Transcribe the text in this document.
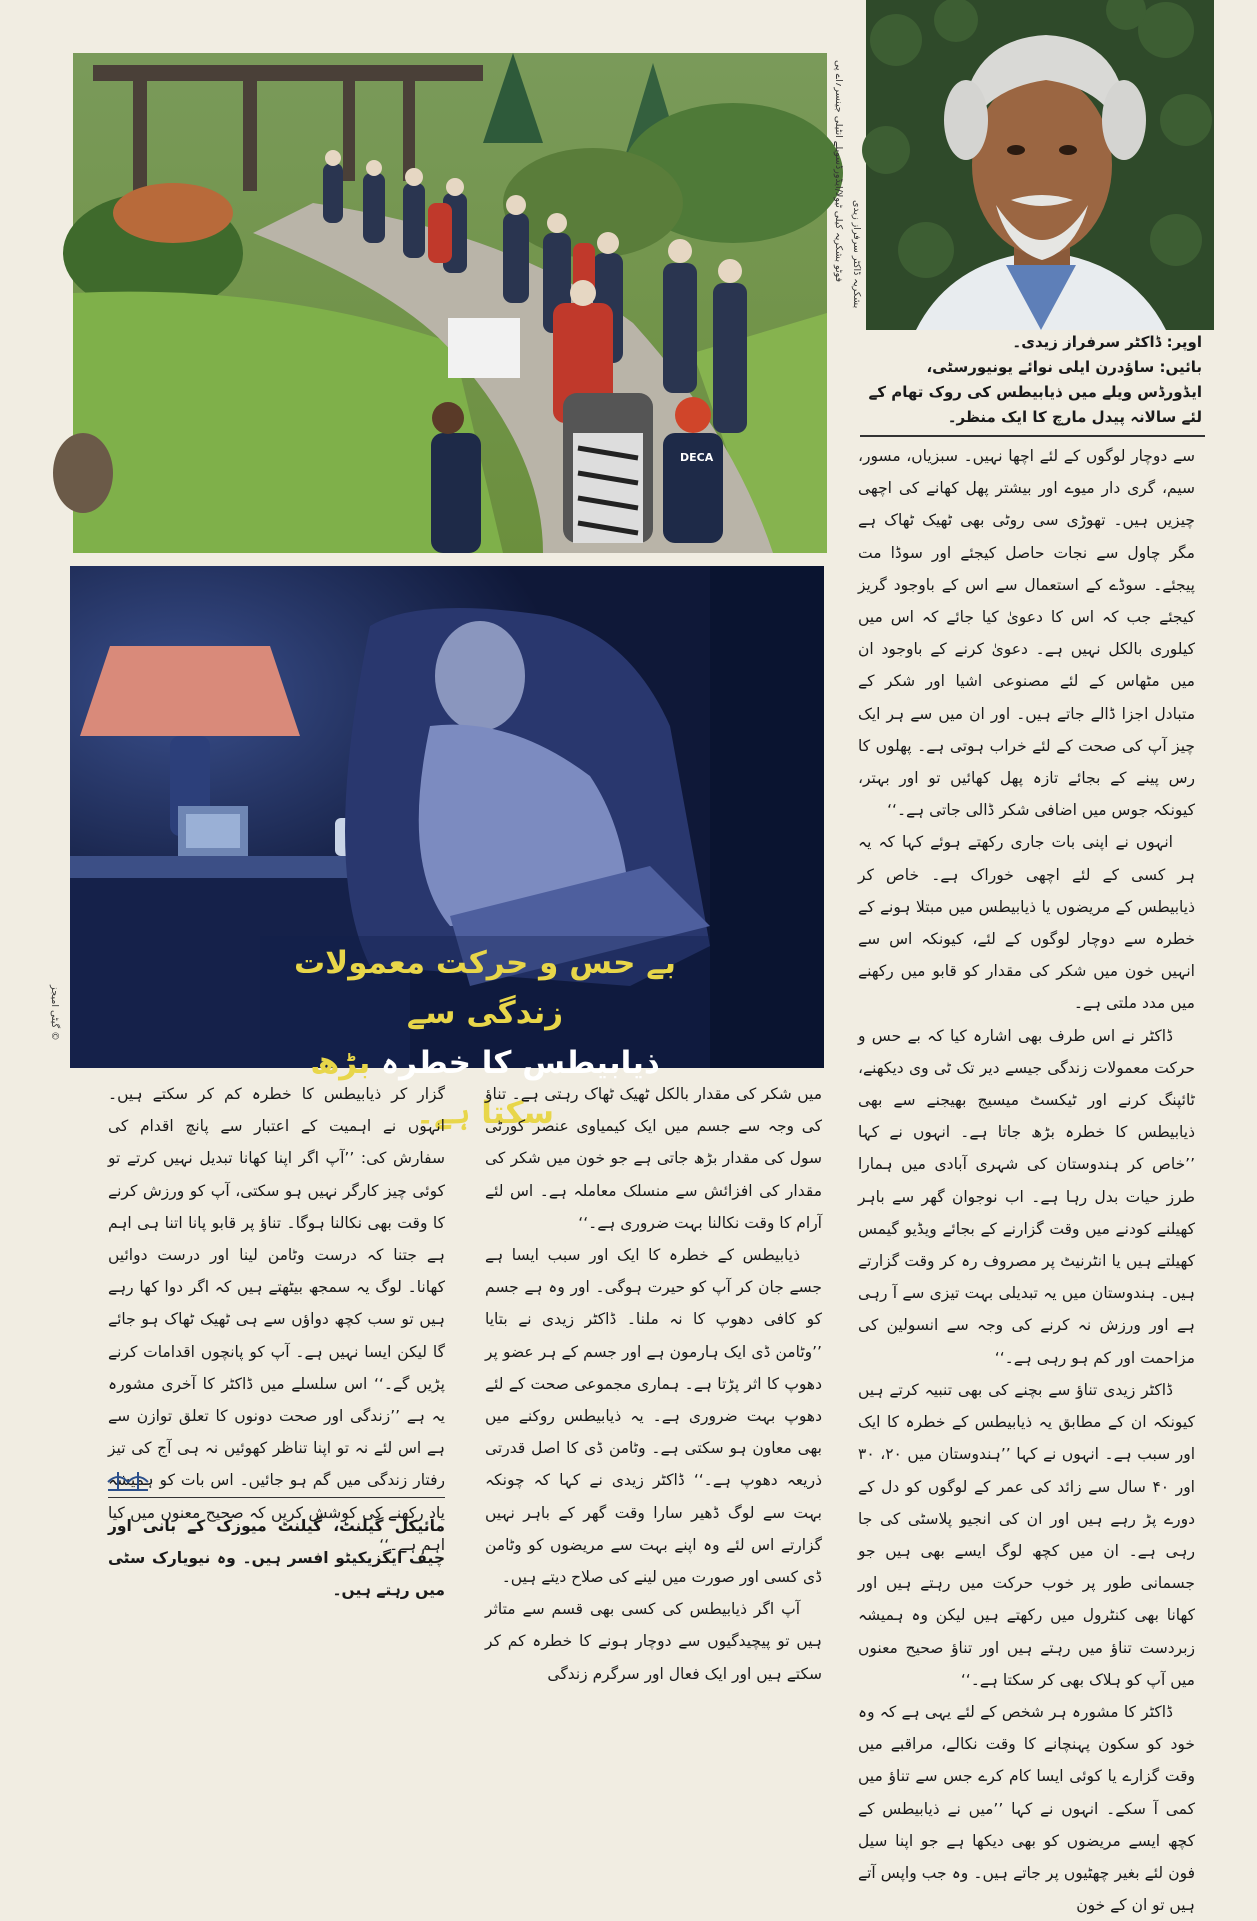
DECA
فوٹو بشکریہ کیلی ٹیولا/ایڈورڈسویلے انٹیلی جینسر؍اے پی بشکریہ ڈاکٹر سرفراز زیدی
اوپر: ڈاکٹر سرفراز زیدی۔
بائیں: ساؤدرن ایلی نوائے یونیورسٹی، ایڈورڈس ویلے میں ذیابیطس کی روک تھام کے لئے سالانہ پیدل مارچ کا ایک منظر۔
بے حس و حرکت معمولات زندگی سے
ذیابیطس کا خطرہ بڑھ سکتا ہے۔
© گیٹی امیجز

سے دوچار لوگوں کے لئے اچھا نہیں۔ سبزیاں، مسور، سیم، گری دار میوے اور بیشتر پھل کھانے کی اچھی چیزیں ہیں۔ تھوڑی سی روٹی بھی ٹھیک ٹھاک ہے مگر چاول سے نجات حاصل کیجئے اور سوڈا مت پیجئے۔ سوڈے کے استعمال سے اس کے باوجود گریز کیجئے جب کہ اس کا دعویٰ کیا جائے کہ اس میں کیلوری بالکل نہیں ہے۔ دعویٰ کرنے کے باوجود ان میں مٹھاس کے لئے مصنوعی اشیا اور شکر کے متبادل اجزا ڈالے جاتے ہیں۔ اور ان میں سے ہر ایک چیز آپ کی صحت کے لئے خراب ہوتی ہے۔ پھلوں کا رس پینے کے بجائے تازہ پھل کھائیں تو اور بہتر، کیونکہ جوس میں اضافی شکر ڈالی جاتی ہے۔‘‘

انہوں نے اپنی بات جاری رکھتے ہوئے کہا کہ یہ ہر کسی کے لئے اچھی خوراک ہے۔ خاص کر ذیابیطس کے مریضوں یا ذیابیطس میں مبتلا ہونے کے خطرہ سے دوچار لوگوں کے لئے، کیونکہ اس سے انہیں خون میں شکر کی مقدار کو قابو میں رکھنے میں مدد ملتی ہے۔

ڈاکٹر نے اس طرف بھی اشارہ کیا کہ بے حس و حرکت معمولات زندگی جیسے دیر تک ٹی وی دیکھنے، ٹائپنگ کرنے اور ٹیکسٹ میسیج بھیجنے سے بھی ذیابیطس کا خطرہ بڑھ جاتا ہے۔ انہوں نے کہا ’’خاص کر ہندوستان کی شہری آبادی میں ہمارا طرز حیات بدل رہا ہے۔ اب نوجوان گھر سے باہر کھیلنے کودنے میں وقت گزارنے کے بجائے ویڈیو گیمس کھیلتے ہیں یا انٹرنیٹ پر مصروف رہ کر وقت گزارتے ہیں۔ ہندوستان میں یہ تبدیلی بہت تیزی سے آ رہی ہے اور ورزش نہ کرنے کی وجہ سے انسولین کی مزاحمت اور کم ہو رہی ہے۔‘‘

ڈاکٹر زیدی تناؤ سے بچنے کی بھی تنبیہ کرتے ہیں کیونکہ ان کے مطابق یہ ذیابیطس کے خطرہ کا ایک اور سبب ہے۔ انہوں نے کہا ’’ہندوستان میں ۲۰، ۳۰ اور ۴۰ سال سے زائد کی عمر کے لوگوں کو دل کے دورے پڑ رہے ہیں اور ان کی انجیو پلاسٹی کی جا رہی ہے۔ ان میں کچھ لوگ ایسے بھی ہیں جو جسمانی طور پر خوب حرکت میں رہتے ہیں اور کھانا بھی کنٹرول میں رکھتے ہیں لیکن وہ ہمیشہ زبردست تناؤ میں رہتے ہیں اور تناؤ صحیح معنوں میں آپ کو ہلاک بھی کر سکتا ہے۔‘‘

ڈاکٹر کا مشورہ ہر شخص کے لئے یہی ہے کہ وہ خود کو سکون پہنچانے کا وقت نکالے، مراقبے میں وقت گزارے یا کوئی ایسا کام کرے جس سے تناؤ میں کمی آ سکے۔ انہوں نے کہا ’’میں نے ذیابیطس کے کچھ ایسے مریضوں کو بھی دیکھا ہے جو اپنا سیل فون لئے بغیر چھٹیوں پر جاتے ہیں۔ وہ جب واپس آتے ہیں تو ان کے خون

میں شکر کی مقدار بالکل ٹھیک ٹھاک رہتی ہے۔ تناؤ کی وجہ سے جسم میں ایک کیمیاوی عنصر کورٹی سول کی مقدار بڑھ جاتی ہے جو خون میں شکر کی مقدار کی افزائش سے منسلک معاملہ ہے۔ اس لئے آرام کا وقت نکالنا بہت ضروری ہے۔‘‘

ذیابیطس کے خطرہ کا ایک اور سبب ایسا ہے جسے جان کر آپ کو حیرت ہوگی۔ اور وہ ہے جسم کو کافی دھوپ کا نہ ملنا۔ ڈاکٹر زیدی نے بتایا ’’وٹامن ڈی ایک ہارمون ہے اور جسم کے ہر عضو پر دھوپ کا اثر پڑتا ہے۔ ہماری مجموعی صحت کے لئے دھوپ بہت ضروری ہے۔ یہ ذیابیطس روکنے میں بھی معاون ہو سکتی ہے۔ وٹامن ڈی کا اصل قدرتی ذریعہ دھوپ ہے۔‘‘ ڈاکٹر زیدی نے کہا کہ چونکہ بہت سے لوگ ڈھیر سارا وقت گھر کے باہر نہیں گزارتے اس لئے وہ اپنے بہت سے مریضوں کو وٹامن ڈی کسی اور صورت میں لینے کی صلاح دیتے ہیں۔

آپ اگر ذیابیطس کی کسی بھی قسم سے متاثر ہیں تو پیچیدگیوں سے دوچار ہونے کا خطرہ کم کر سکتے ہیں اور ایک فعال اور سرگرم زندگی

گزار کر ذیابیطس کا خطرہ کم کر سکتے ہیں۔ انہوں نے اہمیت کے اعتبار سے پانچ اقدام کی سفارش کی: ’’آپ اگر اپنا کھانا تبدیل نہیں کرتے تو کوئی چیز کارگر نہیں ہو سکتی، آپ کو ورزش کرنے کا وقت بھی نکالنا ہوگا۔ تناؤ پر قابو پانا اتنا ہی اہم ہے جتنا کہ درست وٹامن لینا اور درست دوائیں کھانا۔ لوگ یہ سمجھ بیٹھتے ہیں کہ اگر دوا کھا رہے ہیں تو سب کچھ دواؤں سے ہی ٹھیک ٹھاک ہو جائے گا لیکن ایسا نہیں ہے۔ آپ کو پانچوں اقدامات کرنے پڑیں گے۔‘‘ اس سلسلے میں ڈاکٹر کا آخری مشورہ یہ ہے ’’زندگی اور صحت دونوں کا تعلق توازن سے ہے اس لئے نہ تو اپنا تناظر کھوئیں نہ ہی آج کی تیز رفتار زندگی میں گم ہو جائیں۔ اس بات کو ہمیشہ یاد رکھنے کی کوشش کریں کہ صحیح معنوں میں کیا اہم ہے۔‘‘

مائیکل گیلنٹ، گیلنٹ میوزک کے بانی اور چیف ایگزیکیٹو افسر ہیں۔ وہ نیویارک سٹی میں رہتے ہیں۔
